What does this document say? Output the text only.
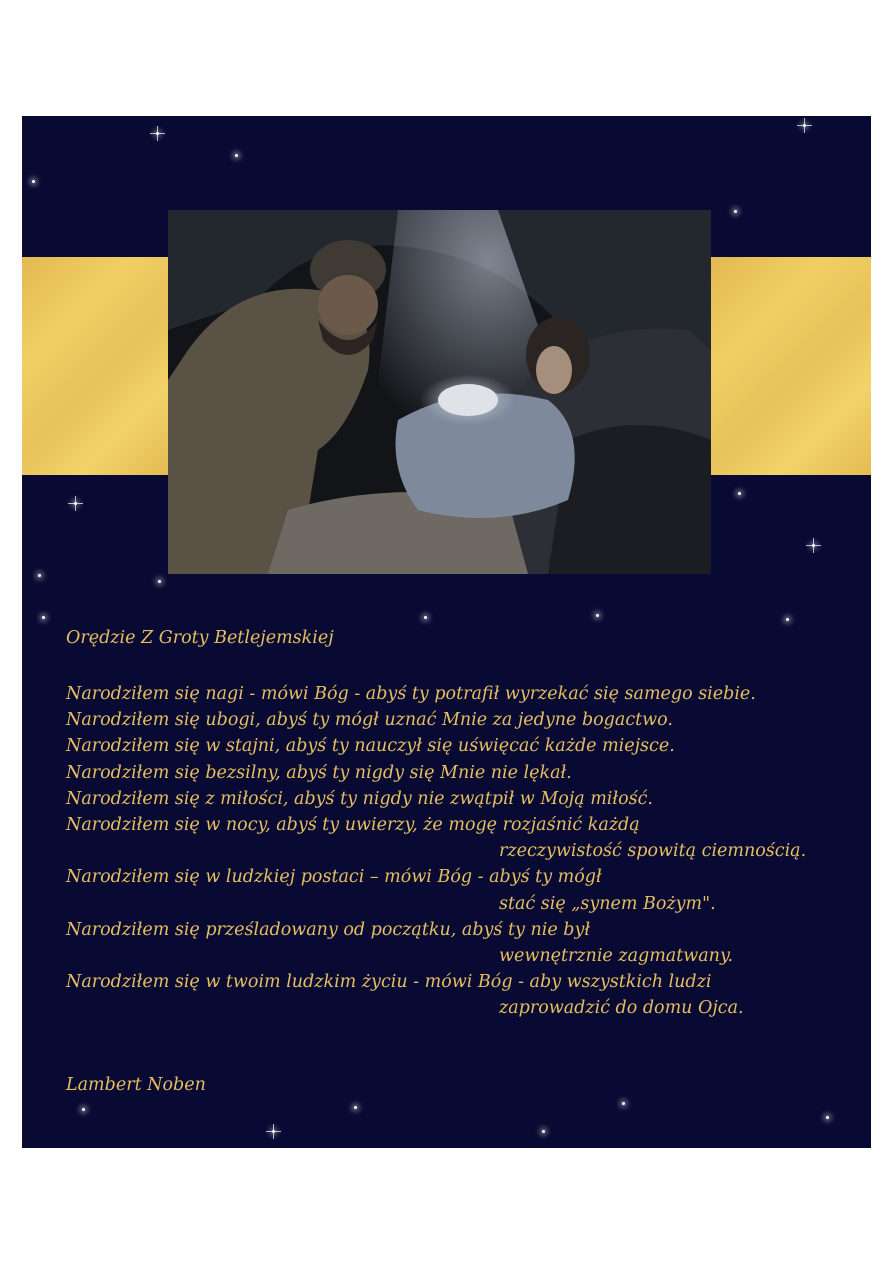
Orędzie Z Groty Betlejemskiej
Narodziłem się nagi - mówi Bóg - abyś ty potrafił wyrzekać się samego siebie.
Narodziłem się ubogi, abyś ty mógł uznać Mnie za jedyne bogactwo.
Narodziłem się w stajni, abyś ty nauczył się uświęcać każde miejsce.
Narodziłem się bezsilny, abyś ty nigdy się Mnie nie lękał.
Narodziłem się z miłości, abyś ty nigdy nie zwątpił w Moją miłość.
Narodziłem się w nocy, abyś ty uwierzy, że mogę rozjaśnić każdą
rzeczywistość spowitą ciemnością.
Narodziłem się w ludzkiej postaci – mówi Bóg - abyś ty mógł
stać się „synem Bożym".
Narodziłem się prześladowany od początku, abyś ty nie był
wewnętrznie zagmatwany.
Narodziłem się w twoim ludzkim życiu - mówi Bóg - aby wszystkich ludzi
zaprowadzić do domu Ojca.
Lambert Noben
